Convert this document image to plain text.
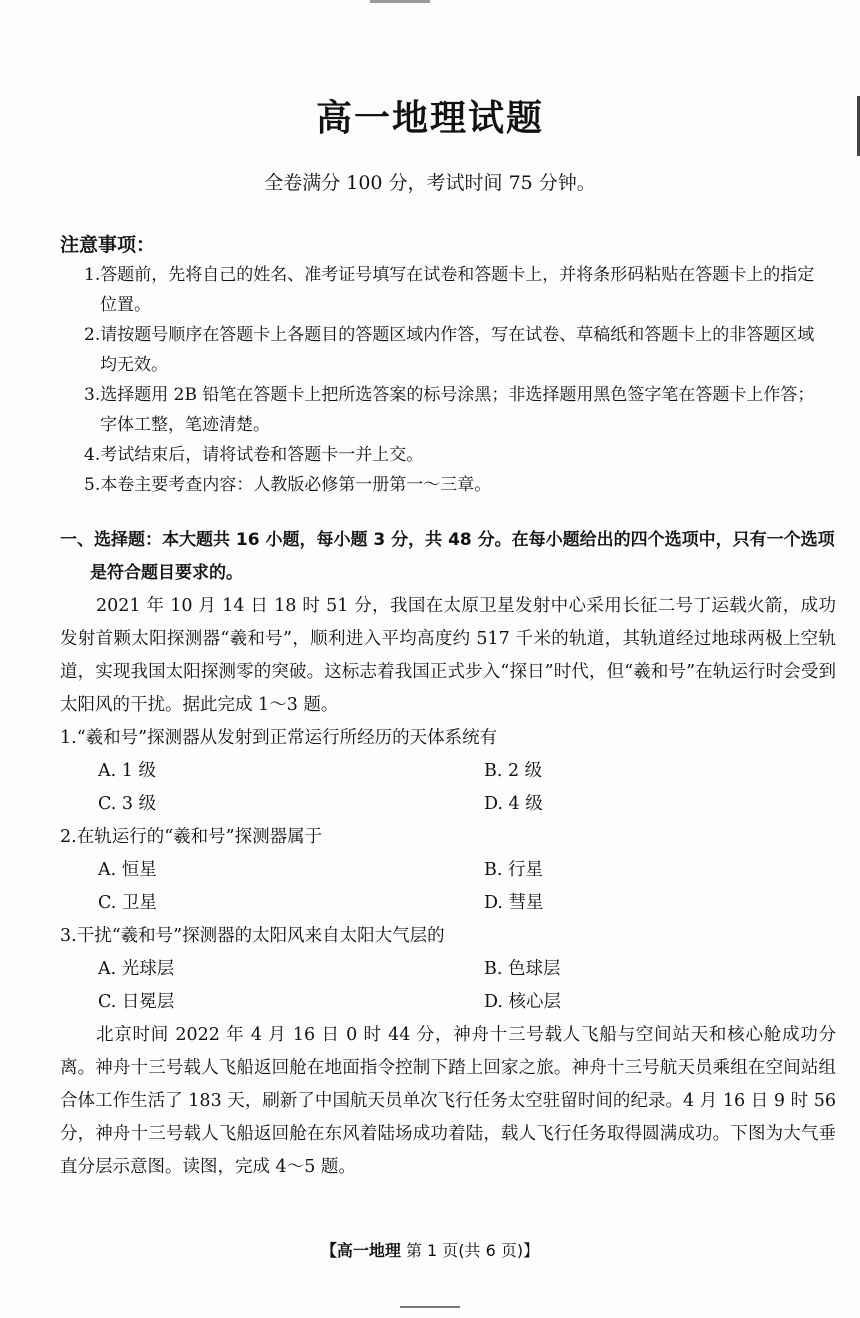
高一地理试题
全卷满分 100 分，考试时间 75 分钟。
注意事项：
1.答题前，先将自己的姓名、准考证号填写在试卷和答题卡上，并将条形码粘贴在答题卡上的指定位置。
2.请按题号顺序在答题卡上各题目的答题区域内作答，写在试卷、草稿纸和答题卡上的非答题区域均无效。
3.选择题用 2B 铅笔在答题卡上把所选答案的标号涂黑；非选择题用黑色签字笔在答题卡上作答；字体工整，笔迹清楚。
4.考试结束后，请将试卷和答题卡一并上交。
5.本卷主要考查内容：人教版必修第一册第一～三章。
一、选择题：本大题共 16 小题，每小题 3 分，共 48 分。在每小题给出的四个选项中，只有一个选项是符合题目要求的。
2021 年 10 月 14 日 18 时 51 分，我国在太原卫星发射中心采用长征二号丁运载火箭，成功发射首颗太阳探测器“羲和号”，顺利进入平均高度约 517 千米的轨道，其轨道经过地球两极上空轨道，实现我国太阳探测零的突破。这标志着我国正式步入“探日”时代，但“羲和号”在轨运行时会受到太阳风的干扰。据此完成 1～3 题。
1.“羲和号”探测器从发射到正常运行所经历的天体系统有
A. 1 级	B. 2 级
C. 3 级	D. 4 级
2.在轨运行的“羲和号”探测器属于
A. 恒星	B. 行星
C. 卫星	D. 彗星
3.干扰“羲和号”探测器的太阳风来自太阳大气层的
A. 光球层	B. 色球层
C. 日冕层	D. 核心层
北京时间 2022 年 4 月 16 日 0 时 44 分，神舟十三号载人飞船与空间站天和核心舱成功分离。神舟十三号载人飞船返回舱在地面指令控制下踏上回家之旅。神舟十三号航天员乘组在空间站组合体工作生活了 183 天，刷新了中国航天员单次飞行任务太空驻留时间的纪录。4 月 16 日 9 时 56 分，神舟十三号载人飞船返回舱在东风着陆场成功着陆，载人飞行任务取得圆满成功。下图为大气垂直分层示意图。读图，完成 4～5 题。
【高一地理 第 1 页(共 6 页)】
